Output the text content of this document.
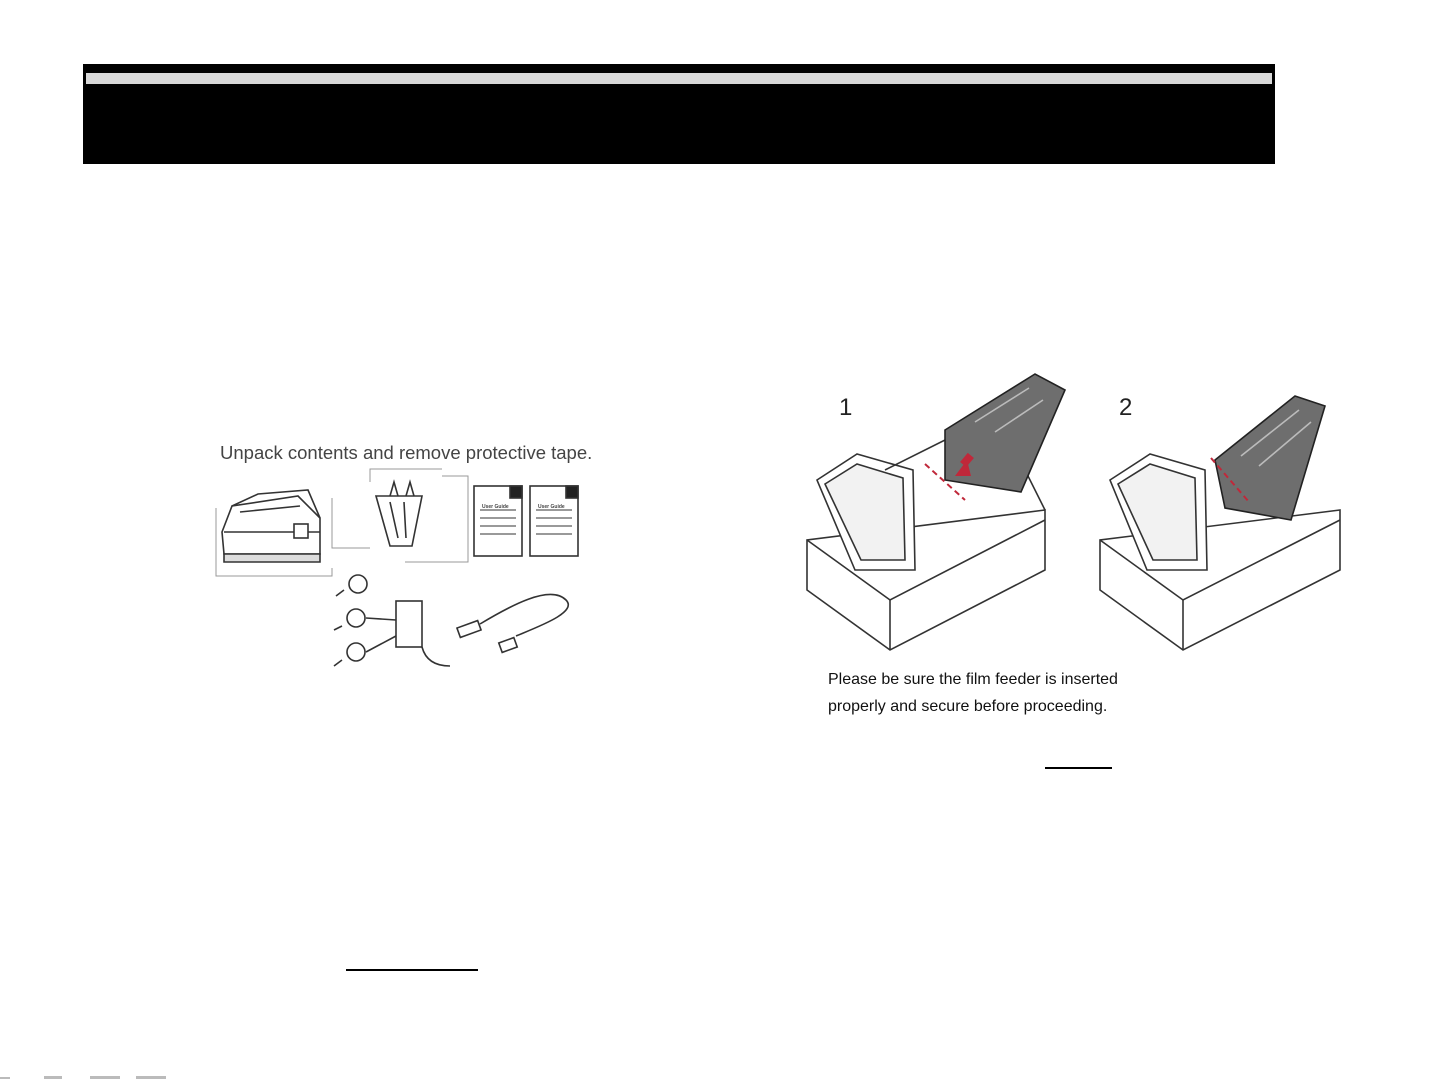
Unpack contents and remove protective tape.
User Guide	User Guide
1	2
Please be sure the film feeder is inserted
properly and secure before proceeding.
